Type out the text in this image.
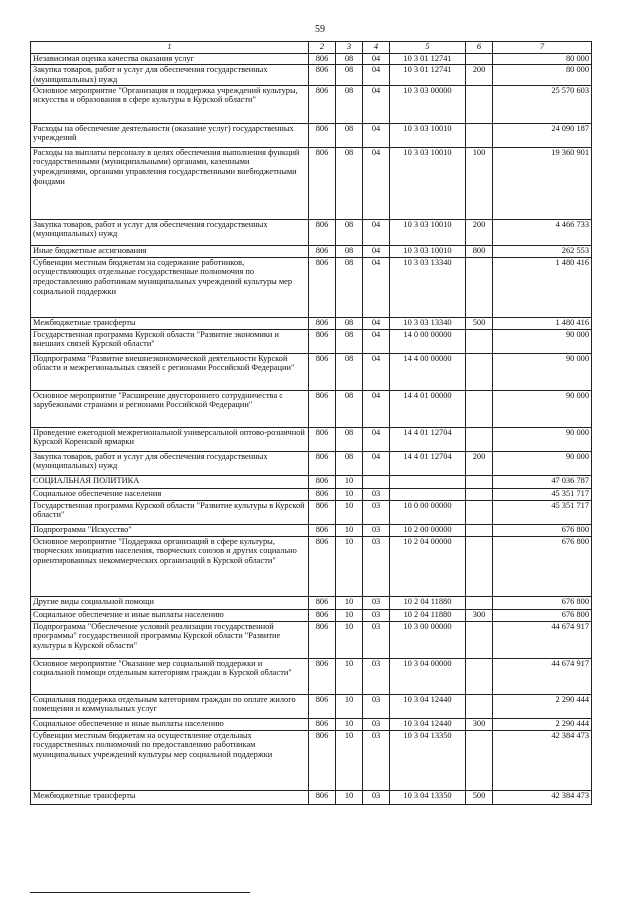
59
1	2	3	4	5	6	7
Независимая оценка качества оказания услуг	806	08	04	10 3 01 12741		80 000
Закупка товаров, работ и услуг для обеспечения государственных (муниципальных) нужд	806	08	04	10 3 01 12741	200	80 000
Основное мероприятие "Организация и поддержка учреждений культуры, искусства и образования в сфере культуры в Курской области"	806	08	04	10 3 03 00000		25 570 603
Расходы на обеспечение деятельности (оказание услуг) государственных учреждений	806	08	04	10 3 03 10010		24 090 187
Расходы на выплаты персоналу в целях обеспечения выполнения функций государственными (муниципальными) органами, казенными учреждениями, органами управления государственными внебюджетными фондами	806	08	04	10 3 03 10010	100	19 360 901
Закупка товаров, работ и услуг для обеспечения государственных (муниципальных) нужд	806	08	04	10 3 03 10010	200	4 466 733
Иные бюджетные ассигнования	806	08	04	10 3 03 10010	800	262 553
Субвенции местным бюджетам на содержание работников, осуществляющих отдельные государственные полномочия по предоставлению работникам муниципальных учреждений культуры мер социальной поддержки	806	08	04	10 3 03 13340		1 480 416
Межбюджетные трансферты	806	08	04	10 3 03 13340	500	1 480 416
Государственная программа Курской области "Развитие экономики и внешних связей Курской области"	806	08	04	14 0 00 00000		90 000
Подпрограмма "Развитие внешнеэкономической деятельности Курской области и межрегиональных связей с регионами Российской Федерации"	806	08	04	14 4 00 00000		90 000
Основное мероприятие "Расширение двустороннего сотрудничества с зарубежными странами и регионами Российской Федерации"	806	08	04	14 4 01 00000		90 000
Проведение ежегодной межрегиональной универсальной оптово-розничной Курской Коренской ярмарки	806	08	04	14 4 01 12704		90 000
Закупка товаров, работ и услуг для обеспечения государственных (муниципальных) нужд	806	08	04	14 4 01 12704	200	90 000
СОЦИАЛЬНАЯ ПОЛИТИКА	806	10				47 036 787
Социальное обеспечение населения	806	10	03			45 351 717
Государственная программа Курской области "Развитие культуры в Курской области"	806	10	03	10 0 00 00000		45 351 717
Подпрограмма "Искусство"	806	10	03	10 2 00 00000		676 800
Основное мероприятие "Поддержка организаций в сфере культуры, творческих инициатив населения, творческих союзов и других социально ориентированных некоммерческих организаций в Курской области"	806	10	03	10 2 04 00000		676 800
Другие виды социальной помощи	806	10	03	10 2 04 11880		676 800
Социальное обеспечение и иные выплаты населению	806	10	03	10 2 04 11880	300	676 800
Подпрограмма "Обеспечение условий реализации государственной программы" государственной программы Курской области "Развитие культуры в Курской области"	806	10	03	10 3 00 00000		44 674 917
Основное мероприятие "Оказание мер социальной поддержки и социальной помощи отдельным категориям граждан в Курской области"	806	10	03	10 3 04 00000		44 674 917
Социальная поддержка отдельным категориям граждан по оплате жилого помещения и коммунальных услуг	806	10	03	10 3 04 12440		2 290 444
Социальное обеспечение и иные выплаты населению	806	10	03	10 3 04 12440	300	2 290 444
Субвенции местным бюджетам на осуществление отдельных государственных полномочий по предоставлению работникам муниципальных учреждений культуры мер социальной поддержки	806	10	03	10 3 04 13350		42 384 473
Межбюджетные трансферты	806	10	03	10 3 04 13350	500	42 384 473
